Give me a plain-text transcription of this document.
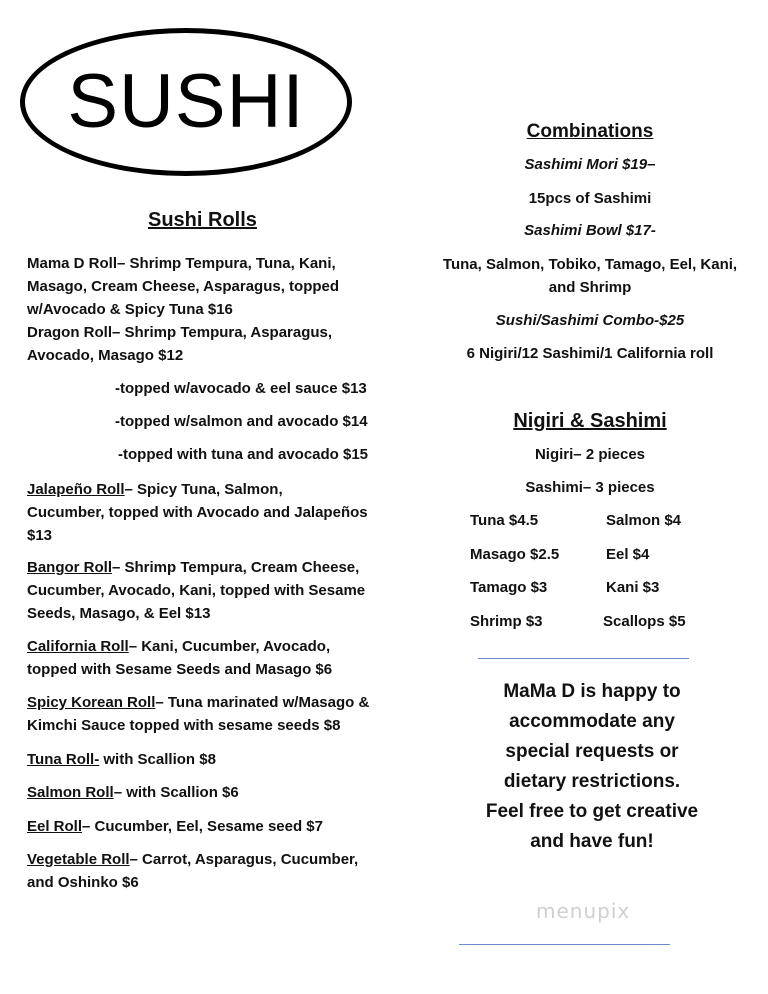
SUSHI
Sushi Rolls
Mama D Roll– Shrimp Tempura, Tuna, Kani,
Masago, Cream Cheese, Asparagus, topped
w/Avocado & Spicy Tuna $16
Dragon Roll– Shrimp Tempura, Asparagus,
Avocado, Masago $12
-topped w/avocado & eel sauce $13
-topped w/salmon and avocado $14
-topped with tuna and avocado $15
Jalapeño Roll– Spicy Tuna, Salmon,
Cucumber, topped with Avocado and Jalapeños
$13
Bangor Roll– Shrimp Tempura, Cream Cheese,
Cucumber, Avocado, Kani, topped with Sesame
Seeds, Masago, & Eel $13
California Roll– Kani, Cucumber, Avocado,
topped with Sesame Seeds and Masago $6
Spicy Korean Roll– Tuna marinated w/Masago &
Kimchi Sauce topped with sesame seeds $8
Tuna Roll- with Scallion $8
Salmon Roll– with Scallion $6
Eel Roll– Cucumber, Eel, Sesame seed $7
Vegetable Roll– Carrot, Asparagus, Cucumber,
and Oshinko $6
Combinations
Sashimi Mori $19–
15pcs of Sashimi
Sashimi Bowl $17-
Tuna, Salmon, Tobiko, Tamago, Eel, Kani,
and Shrimp
Sushi/Sashimi Combo-$25
6 Nigiri/12 Sashimi/1 California roll
Nigiri & Sashimi
Nigiri– 2 pieces
Sashimi– 3 pieces
Tuna $4.5	Salmon $4
Masago $2.5	Eel $4
Tamago $3	Kani $3
Shrimp $3	Scallops $5
MaMa D is happy to
accommodate any
special requests or
dietary restrictions.
Feel free to get creative
and have fun!
menupix
